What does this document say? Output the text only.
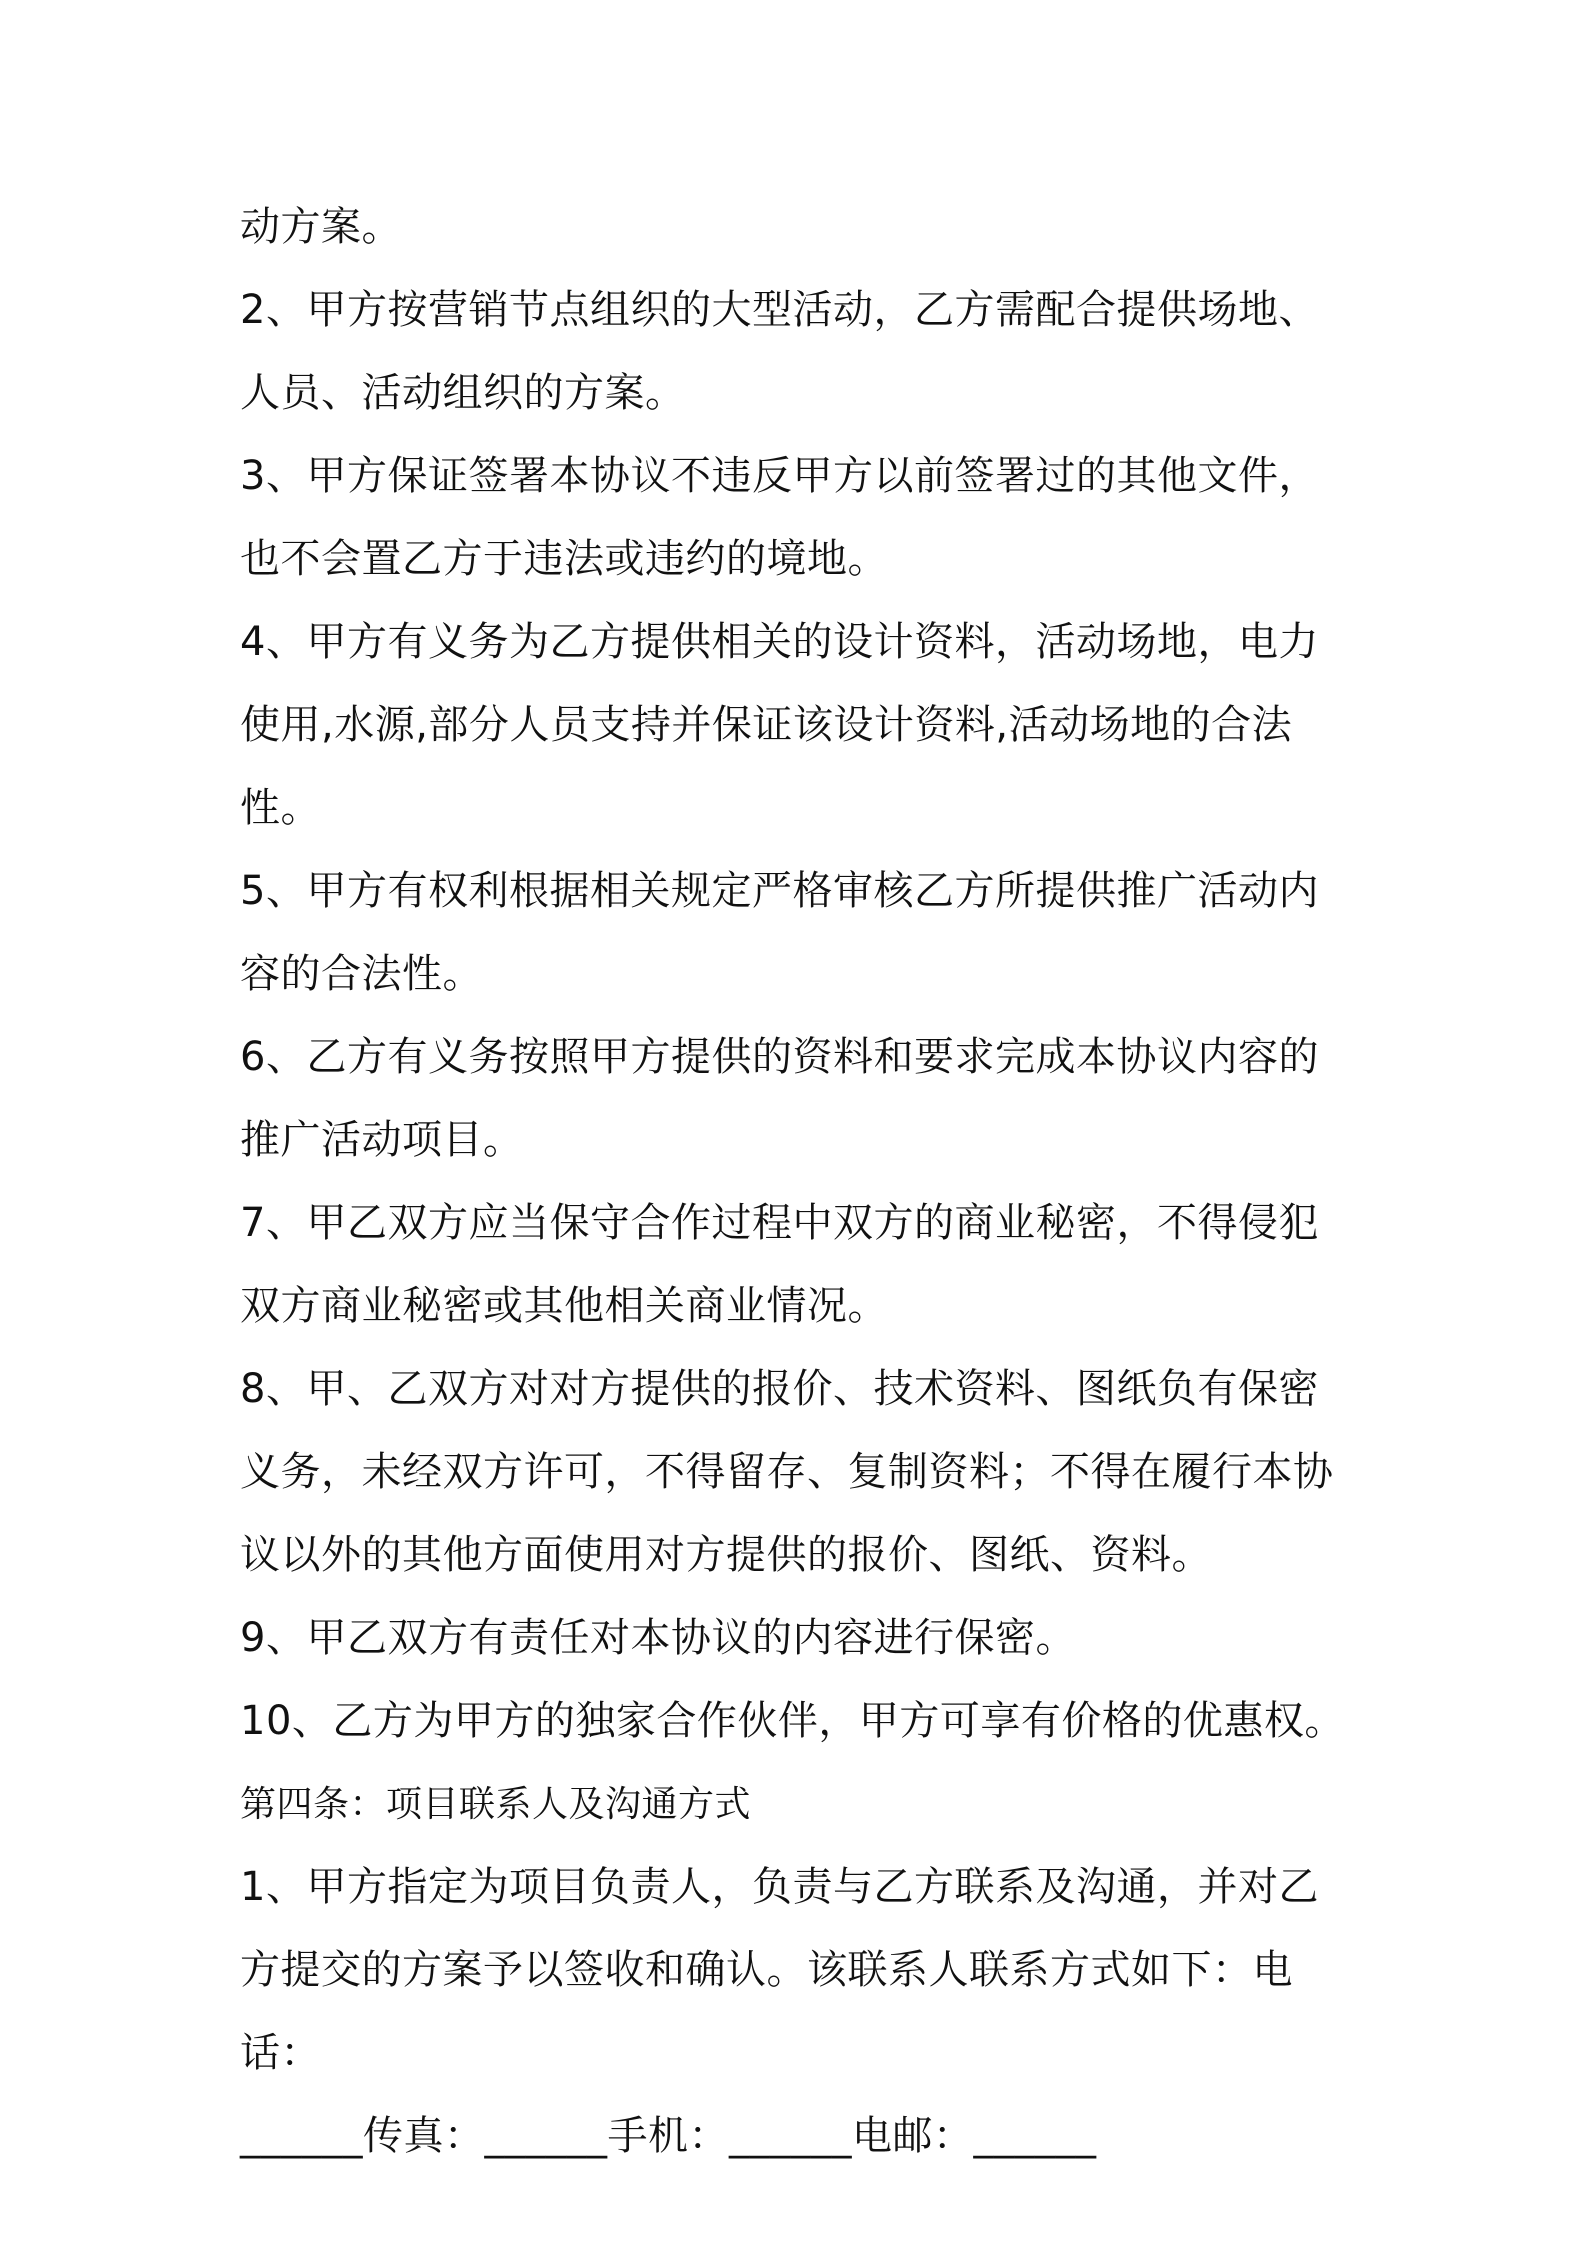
动方案。

2、甲方按营销节点组织的大型活动，乙方需配合提供场地、人员、活动组织的方案。

3、甲方保证签署本协议不违反甲方以前签署过的其他文件，也不会置乙方于违法或违约的境地。

4、甲方有义务为乙方提供相关的设计资料，活动场地，电力使用,水源,部分人员支持并保证该设计资料,活动场地的合法性。

5、甲方有权利根据相关规定严格审核乙方所提供推广活动内容的合法性。

6、乙方有义务按照甲方提供的资料和要求完成本协议内容的推广活动项目。

7、甲乙双方应当保守合作过程中双方的商业秘密，不得侵犯双方商业秘密或其他相关商业情况。

8、甲、乙双方对对方提供的报价、技术资料、图纸负有保密义务，未经双方许可，不得留存、复制资料；不得在履行本协议以外的其他方面使用对方提供的报价、图纸、资料。

9、甲乙双方有责任对本协议的内容进行保密。

10、乙方为甲方的独家合作伙伴，甲方可享有价格的优惠权。

第四条：项目联系人及沟通方式

1、甲方指定为项目负责人，负责与乙方联系及沟通，并对乙方提交的方案予以签收和确认。该联系人联系方式如下：电话：

______传真：______手机：______电邮：______
